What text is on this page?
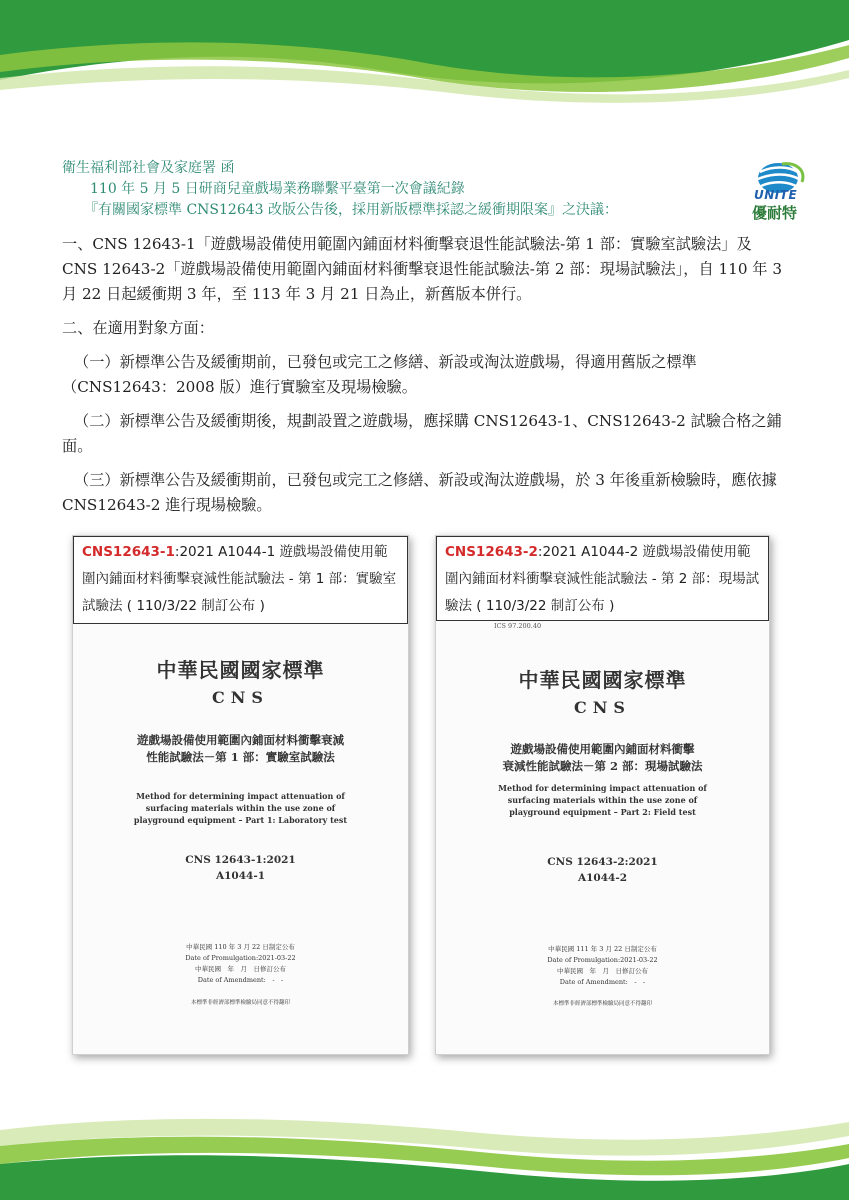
衛生福利部社會及家庭署 函
110 年 5 月 5 日研商兒童戲場業務聯繫平臺第一次會議紀錄
『有關國家標準 CNS12643 改版公告後，採用新版標準採認之緩衝期限案』之決議：
UNITE
優耐特

一、CNS 12643-1「遊戲場設備使用範圍內鋪面材料衝擊衰退性能試驗法-第 1 部：實驗室試驗法」及 CNS 12643-2「遊戲場設備使用範圍內鋪面材料衝擊衰退性能試驗法-第 2 部：現場試驗法」，自 110 年 3 月 22 日起緩衝期 3 年，至 113 年 3 月 21 日為止，新舊版本併行。

二、在適用對象方面：

（一）新標準公告及緩衝期前，已發包或完工之修繕、新設或淘汰遊戲場，得適用舊版之標準（CNS12643：2008 版）進行實驗室及現場檢驗。

（二）新標準公告及緩衝期後，規劃設置之遊戲場，應採購 CNS12643-1、CNS12643-2 試驗合格之鋪面。

（三）新標準公告及緩衝期前，已發包或完工之修繕、新設或淘汰遊戲場，於 3 年後重新檢驗時，應依據 CNS12643-2 進行現場檢驗。

CNS12643-1:2021 A1044-1 遊戲場設備使用範圍內鋪面材料衝擊衰減性能試驗法 - 第 1 部：實驗室試驗法 ( 110/3/22 制訂公布 )
中華民國國家標準
CNS
遊戲場設備使用範圍內鋪面材料衝擊衰減
性能試驗法－第 1 部：實驗室試驗法
Method for determining impact attenuation of
surfacing materials within the use zone of
playground equipment – Part 1: Laboratory test
CNS 12643-1:2021
A1044-1
中華民國 110 年 3 月 22 日制定公布
Date of Promulgation:2021-03-22
中華民國　年　月　日修訂公布
Date of Amendment:　-　-
本標準非經濟部標準檢驗局同意不得翻印
CNS12643-2:2021 A1044-2 遊戲場設備使用範圍內鋪面材料衝擊衰減性能試驗法 - 第 2 部：現場試驗法 ( 110/3/22 制訂公布 )
ICS 97.200.40
中華民國國家標準
CNS
遊戲場設備使用範圍內鋪面材料衝擊
衰減性能試驗法－第 2 部：現場試驗法
Method for determining impact attenuation of
surfacing materials within the use zone of
playground equipment – Part 2: Field test
CNS 12643-2:2021
A1044-2
中華民國 111 年 3 月 22 日制定公布
Date of Promulgation:2021-03-22
中華民國　年　月　日修訂公布
Date of Amendment:　-　-
本標準非經濟部標準檢驗局同意不得翻印
